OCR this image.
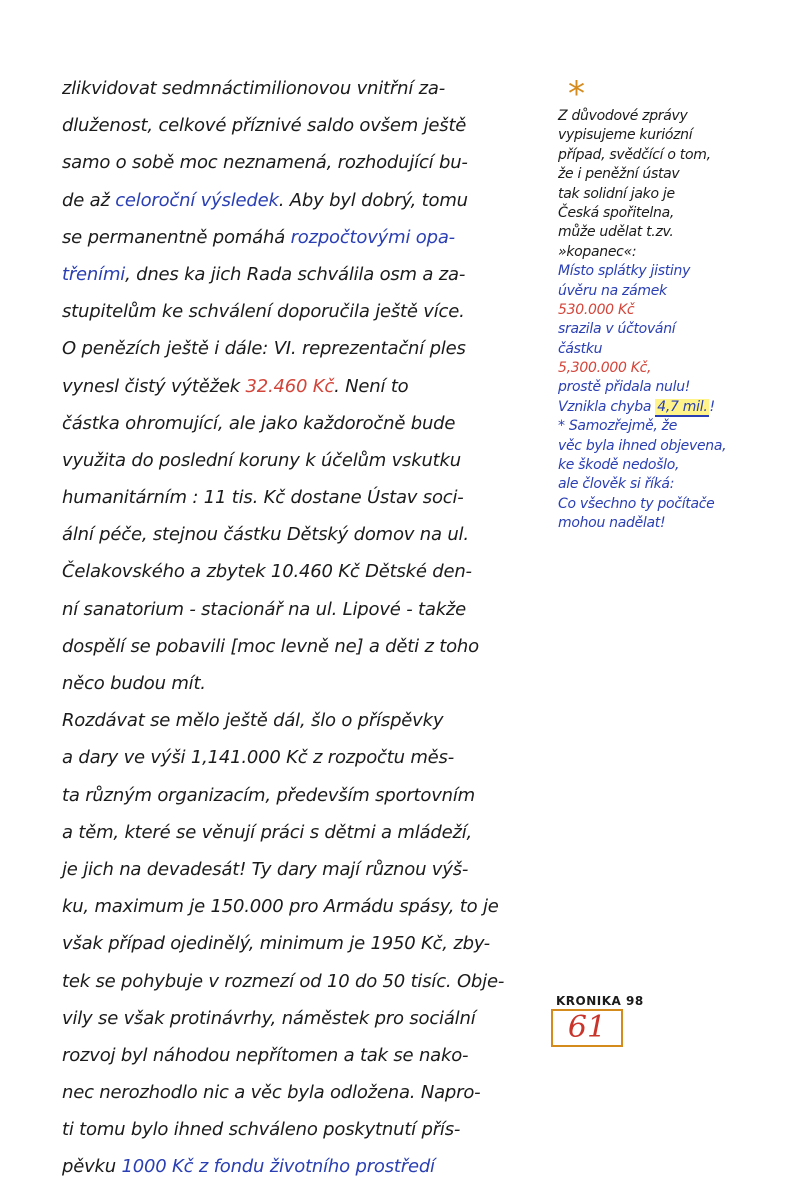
zlikvidovat sedmnáctimilionovou vnitřní za-
dluženost, celkové příznivé saldo ovšem ještě
samo o sobě moc neznamená, rozhodující bu-
de až celoroční výsledek. Aby byl dobrý, tomu
se permanentně pomáhá rozpočtovými opa-
třeními, dnes ka jich Rada schválila osm a za-
stupitelům ke schválení doporučila ještě více.
O penězích ještě i dále: VI. reprezentační ples
vynesl čistý výtěžek 32.460 Kč. Není to
částka ohromující, ale jako každoročně bude
využita do poslední koruny k účelům vskutku
humanitárním : 11 tis. Kč dostane Ústav soci-
ální péče, stejnou částku Dětský domov na ul.
Čelakovského a zbytek 10.460 Kč Dětské den-
ní sanatorium - stacionář na ul. Lipové - takže
dospělí se pobavili [moc levně ne] a děti z toho
něco budou mít.
Rozdávat se mělo ještě dál, šlo o příspěvky
a dary ve výši 1,141.000 Kč z rozpočtu měs-
ta různým organizacím, především sportovním
a těm, které se věnují práci s dětmi a mládeží,
je jich na devadesát! Ty dary mají různou výš-
ku, maximum je 150.000 pro Armádu spásy, to je
však případ ojedinělý, minimum je 1950 Kč, zby-
tek se pohybuje v rozmezí od 10 do 50 tisíc. Obje-
vily se však protinávrhy, náměstek pro sociální
rozvoj byl náhodou nepřítomen a tak se nako-
nec nerozhodlo nic a věc byla odložena. Napro-
ti tomu bylo ihned schváleno poskytnutí přís-
pěvku 1000 Kč z fondu životního prostředí
*
Z důvodové zprávy
vypisujeme kuriózní
případ, svědčící o tom,
že i peněžní ústav
tak solidní jako je
Česká spořitelna,
může udělat t.zv.
»kopanec«:
Místo splátky jistiny
úvěru na zámek
530.000 Kč
srazila v účtování
částku
5,300.000 Kč,
prostě přidala nulu!
Vznikla chyba 4,7 mil. !
* Samozřejmě, že
věc byla ihned objevena,
ke škodě nedošlo,
ale člověk si říká:
Co všechno ty počítače
mohou nadělat!
KRONIKA 98
61
